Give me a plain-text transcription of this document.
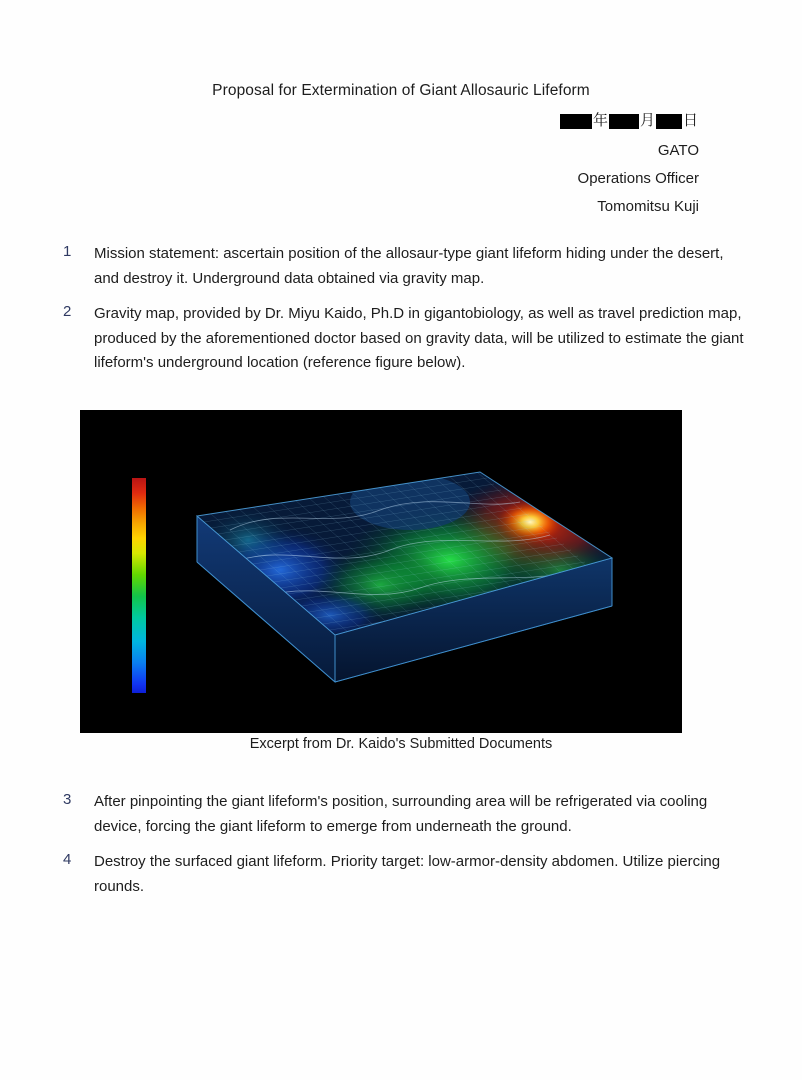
Proposal for Extermination of Giant Allosauric Lifeform
年 月 日
GATO
Operations Officer
Tomomitsu Kuji
1	Mission statement: ascertain position of the allosaur-type giant lifeform hiding under the desert, and destroy it. Underground data obtained via gravity map.
2	Gravity map, provided by Dr. Miyu Kaido, Ph.D in gigantobiology, as well as travel prediction map, produced by the aforementioned doctor based on gravity data, will be utilized to estimate the giant lifeform's underground location (reference figure below).
Excerpt from Dr. Kaido's Submitted Documents
3	After pinpointing the giant lifeform's position, surrounding area will be refrigerated via cooling device, forcing the giant lifeform to emerge from underneath the ground.
4	Destroy the surfaced giant lifeform. Priority target: low-armor-density abdomen. Utilize piercing rounds.
